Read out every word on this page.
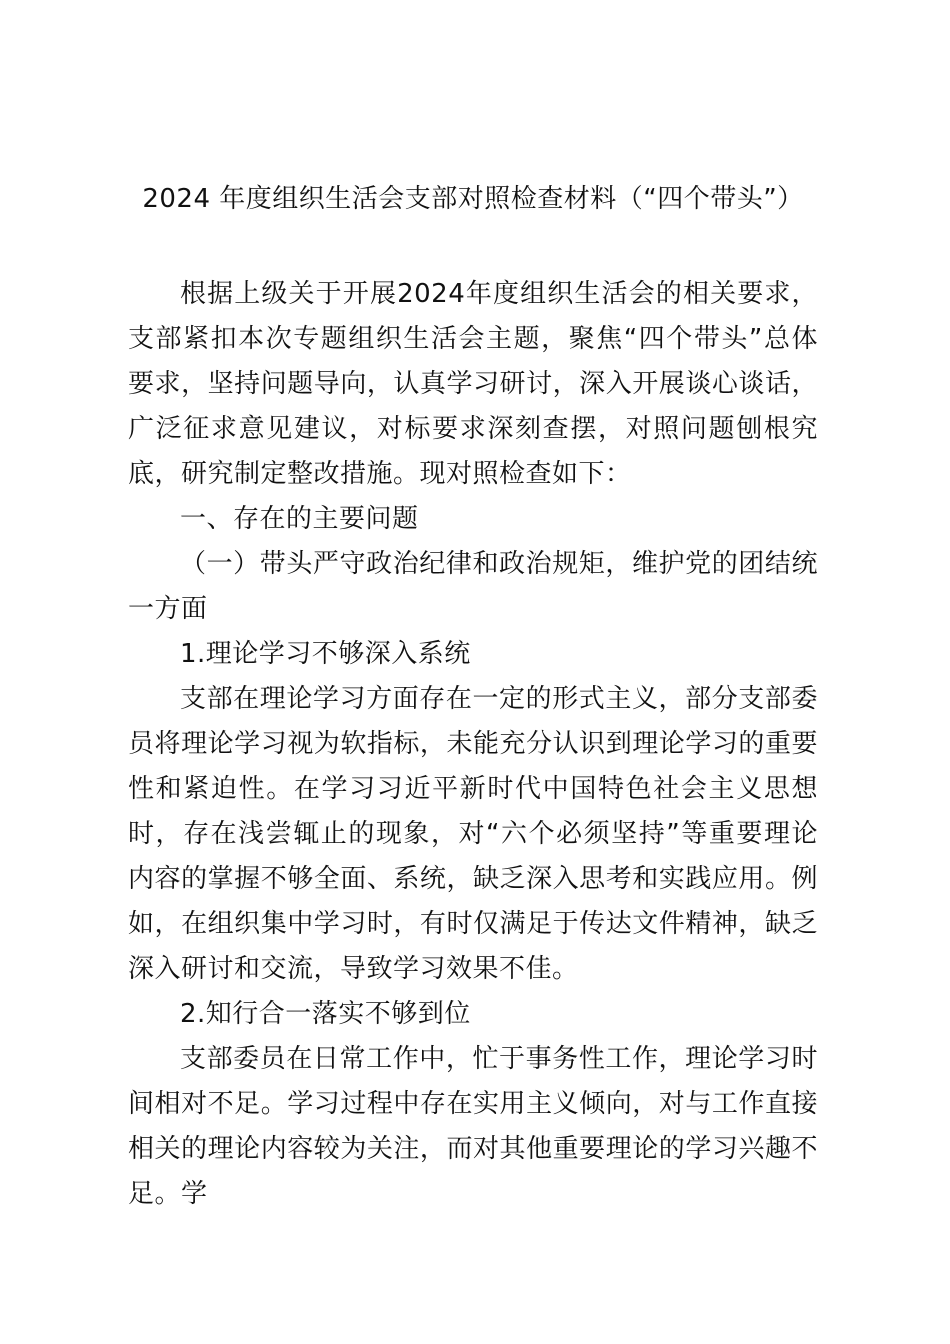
2024 年度组织生活会支部对照检查材料（“四个带头”）

根据上级关于开展2024年度组织生活会的相关要求，支部紧扣本次专题组织生活会主题，聚焦“四个带头”总体要求，坚持问题导向，认真学习研讨，深入开展谈心谈话，广泛征求意见建议，对标要求深刻查摆，对照问题刨根究底，研究制定整改措施。现对照检查如下：

一、存在的主要问题

（一）带头严守政治纪律和政治规矩，维护党的团结统一方面

1.理论学习不够深入系统

支部在理论学习方面存在一定的形式主义，部分支部委员将理论学习视为软指标，未能充分认识到理论学习的重要性和紧迫性。在学习习近平新时代中国特色社会主义思想时，存在浅尝辄止的现象，对“六个必须坚持”等重要理论内容的掌握不够全面、系统，缺乏深入思考和实践应用。例如，在组织集中学习时，有时仅满足于传达文件精神，缺乏深入研讨和交流，导致学习效果不佳。

2.知行合一落实不够到位

支部委员在日常工作中，忙于事务性工作，理论学习时间相对不足。学习过程中存在实用主义倾向，对与工作直接相关的理论内容较为关注，而对其他重要理论的学习兴趣不足。学
